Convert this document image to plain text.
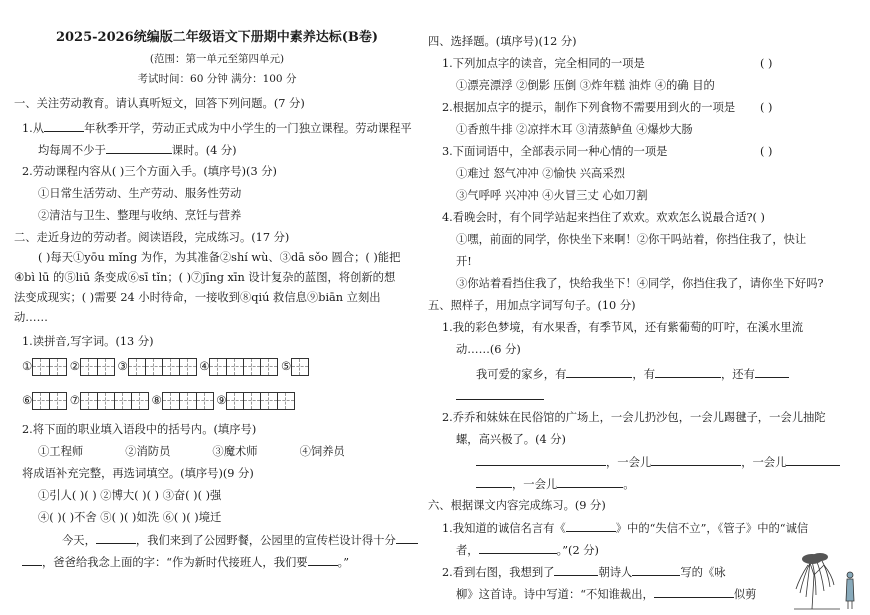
2025-2026统编版二年级语文下册期中素养达标(B卷)
(范围：第一单元至第四单元)
考试时间：60 分钟 满分：100 分
一、关注劳动教育。请认真听短文，回答下列问题。(7 分)
1.从	年秋季开学，劳动正式成为中小学生的一门独立课程。劳动课程平
均每周不少于	课时。(4 分)
2.劳动课程内容从( )三个方面入手。(填序号)(3 分)
①日常生活劳动、生产劳动、服务性劳动
②清洁与卫生、整理与收纳、烹饪与营养
二、走近身边的劳动者。阅读语段，完成练习。(17 分)
( )每天①yōu mǐng 为作，为其准备②shí wù、③dā sǒo 圆合；( )能把
④bì lū 的⑤liū 条变成⑥sī tǐn；( )⑦jīng xīn 设计复杂的蓝图，将创新的想
法变成现实；( )需要 24 小时待命，一接收到⑧qiú 救信息⑨biān 立刻出
动……
1.读拼音,写字词。(13 分)
①	②	③	④	⑤
⑥	⑦	⑧	⑨
2.将下面的职业填入语段中的括号内。(填序号)
①工程师	②消防员	③魔术师	④饲养员
将成语补充完整，再选词填空。(填序号)(9 分)
①引人( )( ) ②博大( )( ) ③奋( )( )强
④( )( )不舍 ⑤( )( )如洗 ⑥( )( )境迁
今天，	，我们来到了公园野餐，公园里的宣传栏设计得十分
，爸爸给我念上面的字：“作为新时代接班人，我们要	。”
四、选择题。(填序号)(12 分)
1.下列加点字的读音，完全相同的一项是	( )
①漂亮漂浮 ②倒影 压倒 ③炸年糕 油炸 ④的确 目的
2.根据加点字的提示，制作下列食物不需要用到火的一项是 ( )
①香煎牛排 ②凉拌木耳 ③清蒸鲈鱼 ④爆炒大肠
3.下面词语中，全部表示同一种心情的一项是	( )
①难过 怒气冲冲 ②愉快 兴高采烈
③气呼呼 兴冲冲 ④火冒三丈 心如刀割
4.看晚会时，有个同学站起来挡住了欢欢。欢欢怎么说最合适?( )
①嘿，前面的同学，你快坐下来啊！②你干吗站着，你挡住我了，快让
开!
③你站着看挡住我了，快给我坐下！④同学，你挡住我了，请你坐下好吗?
五、照样子，用加点字词写句子。(10 分)
1.我的彩色梦境，有水果香，有季节风，还有紫葡萄的叮咛，在溪水里流
动……(6 分)
我可爱的家乡，有	，有	，还有
2.乔乔和妹妹在民俗馆的广场上，一会儿扔沙包，一会儿踢毽子，一会儿抽陀
螺，高兴极了。(4 分)
，一会儿	，一会儿
，一会儿	。
六、根据课文内容完成练习。(9 分)
1.我知道的诚信名言有《	》中的“失信不立”，《管子》中的“诚信
者，	。”(2 分)
2.看到右图，我想到了	朝诗人	写的《咏
柳》这首诗。诗中写道：“不知谁裁出，	似剪
